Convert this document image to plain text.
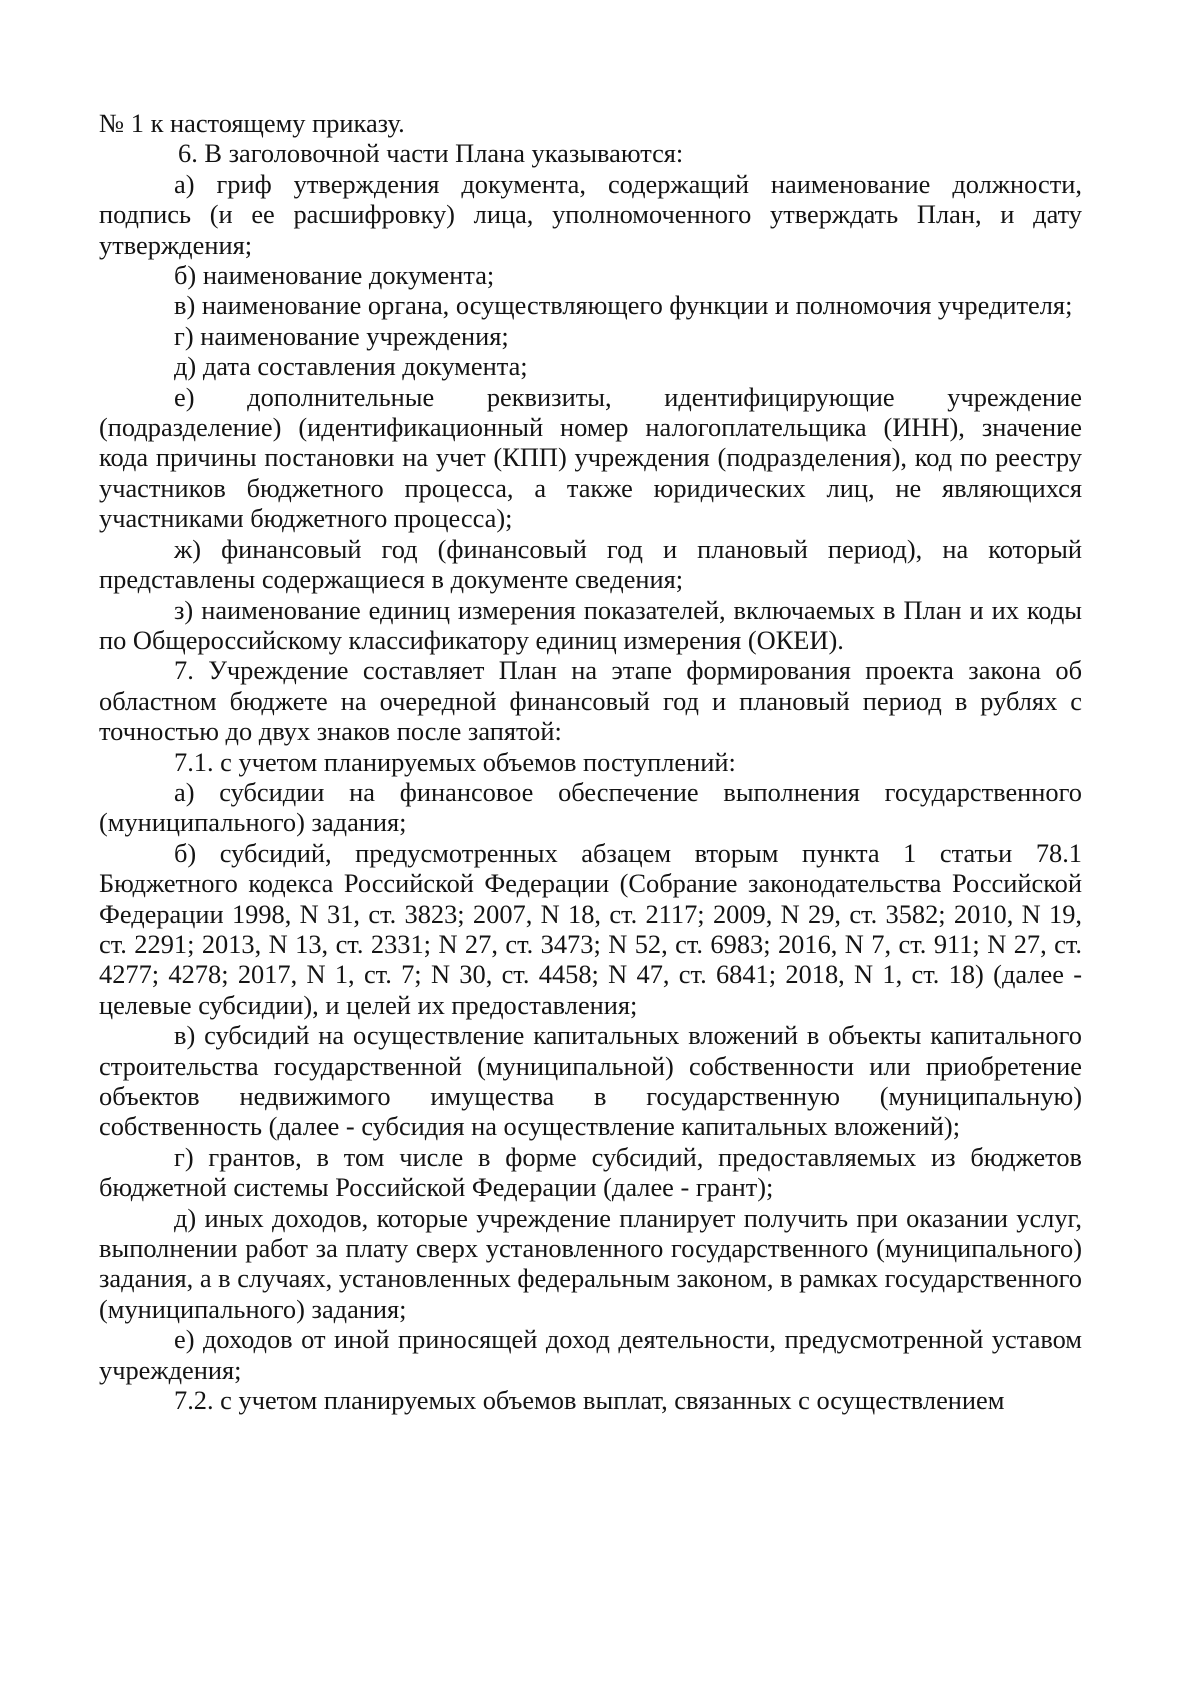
№ 1 к настоящему приказу.

6. В заголовочной части Плана указываются:

а) гриф утверждения документа, содержащий наименование должности, подпись (и ее расшифровку) лица, уполномоченного утверждать План, и дату утверждения;

б) наименование документа;

в) наименование органа, осуществляющего функции и полномочия учредителя;

г) наименование учреждения;

д) дата составления документа;

е) дополнительные реквизиты, идентифицирующие учреждение (подразделение) (идентификационный номер налогоплательщика (ИНН), значение кода причины постановки на учет (КПП) учреждения (подразделения), код по реестру участников бюджетного процесса, а также юридических лиц, не являющихся участниками бюджетного процесса);

ж) финансовый год (финансовый год и плановый период), на который представлены содержащиеся в документе сведения;

з) наименование единиц измерения показателей, включаемых в План и их коды по Общероссийскому классификатору единиц измерения (ОКЕИ).

7. Учреждение составляет План на этапе формирования проекта закона об областном бюджете на очередной финансовый год и плановый период в рублях с точностью до двух знаков после запятой:

7.1. с учетом планируемых объемов поступлений:

а) субсидии на финансовое обеспечение выполнения государственного (муниципального) задания;

б) субсидий, предусмотренных абзацем вторым пункта 1 статьи 78.1 Бюджетного кодекса Российской Федерации (Собрание законодательства Российской Федерации 1998, N 31, ст. 3823; 2007, N 18, ст. 2117; 2009, N 29, ст. 3582; 2010, N 19, ст. 2291; 2013, N 13, ст. 2331; N 27, ст. 3473; N 52, ст. 6983; 2016, N 7, ст. 911; N 27, ст. 4277; 4278; 2017, N 1, ст. 7; N 30, ст. 4458; N 47, ст. 6841; 2018, N 1, ст. 18) (далее - целевые субсидии), и целей их предоставления;

в) субсидий на осуществление капитальных вложений в объекты капитального строительства государственной (муниципальной) собственности или приобретение объектов недвижимого имущества в государственную (муниципальную) собственность (далее - субсидия на осуществление капитальных вложений);

г) грантов, в том числе в форме субсидий, предоставляемых из бюджетов бюджетной системы Российской Федерации (далее - грант);

д) иных доходов, которые учреждение планирует получить при оказании услуг, выполнении работ за плату сверх установленного государственного (муниципального) задания, а в случаях, установленных федеральным законом, в рамках государственного (муниципального) задания;

е) доходов от иной приносящей доход деятельности, предусмотренной уставом учреждения;

7.2. с учетом планируемых объемов выплат, связанных с осуществлением
